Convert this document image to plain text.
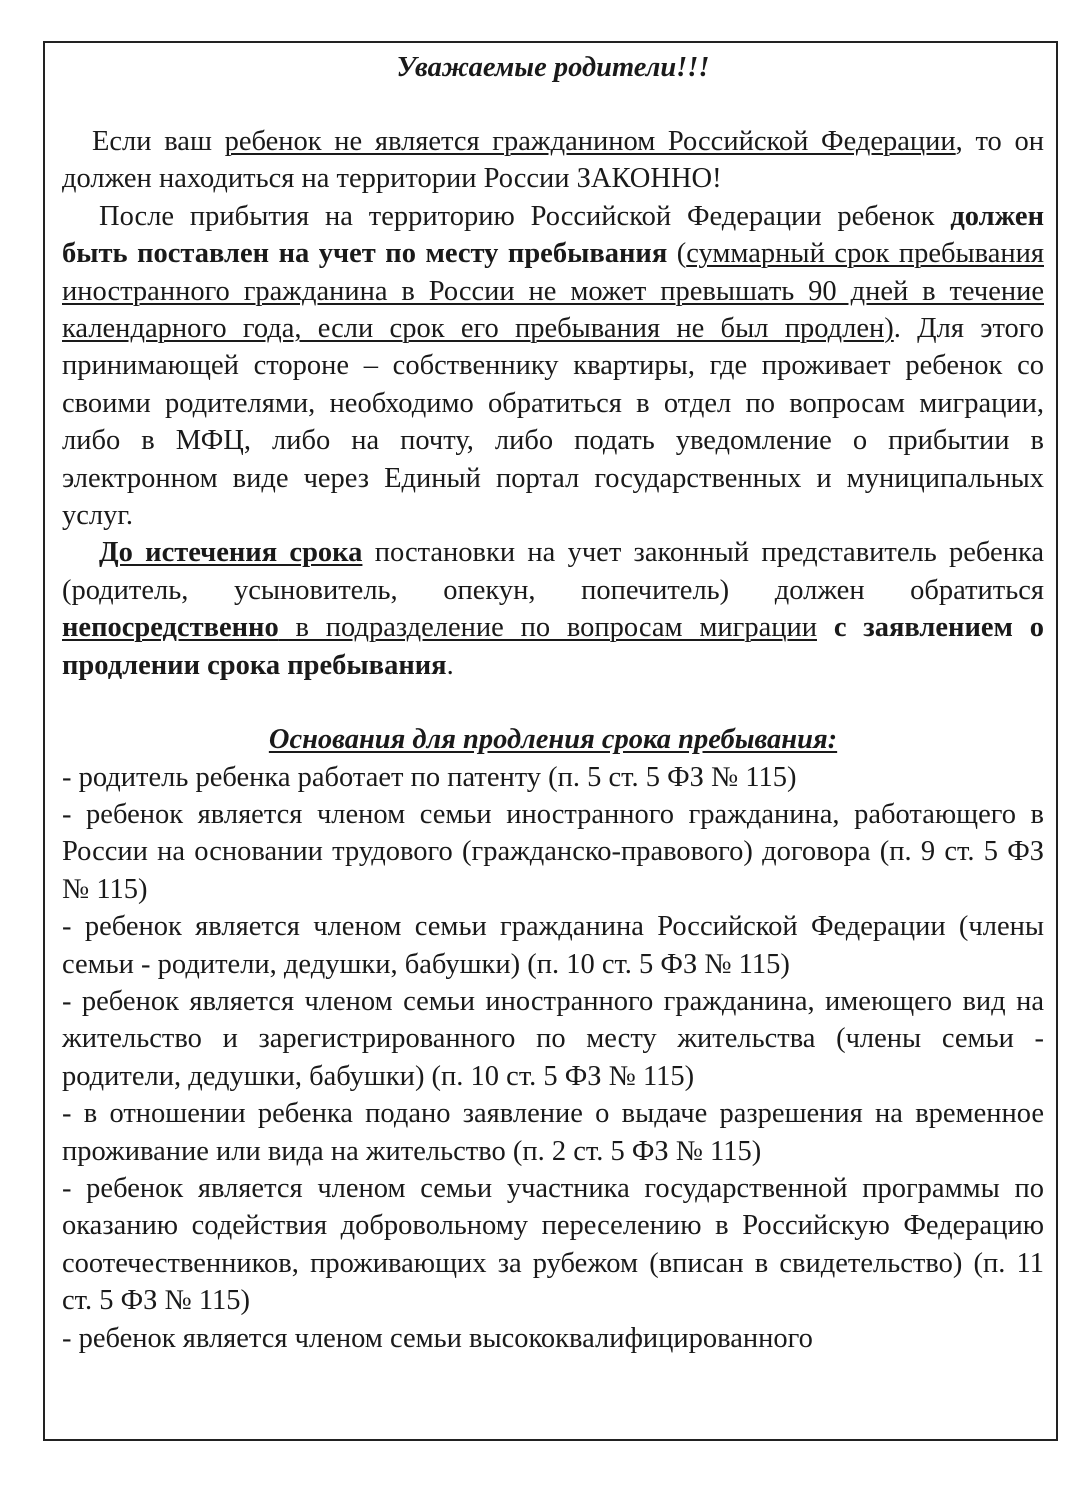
Уважаемые родители!!!

Если ваш ребенок не является гражданином Российской Федерации, то он должен находиться на территории России ЗАКОННО!

После прибытия на территорию Российской Федерации ребенок должен быть поставлен на учет по месту пребывания (суммарный срок пребывания иностранного гражданина в России не может превышать 90 дней в течение календарного года, если срок его пребывания не был продлен). Для этого принимающей стороне – собственнику квартиры, где проживает ребенок со своими родителями, необходимо обратиться в отдел по вопросам миграции, либо в МФЦ, либо на почту, либо подать уведомление о прибытии в электронном виде через Единый портал государственных и муниципальных услуг.

До истечения срока постановки на учет законный представитель ребенка (родитель, усыновитель, опекун, попечитель) должен обратиться непосредственно в подразделение по вопросам миграции с заявлением о продлении срока пребывания.

Основания для продления срока пребывания:

- родитель ребенка работает по патенту (п. 5 ст. 5 ФЗ № 115)

- ребенок является членом семьи иностранного гражданина, работающего в России на основании трудового (гражданско-правового) договора (п. 9 ст. 5 ФЗ № 115)

- ребенок является членом семьи гражданина Российской Федерации (члены семьи - родители, дедушки, бабушки) (п. 10 ст. 5 ФЗ № 115)

- ребенок является членом семьи иностранного гражданина, имеющего вид на жительство и зарегистрированного по месту жительства (члены семьи - родители, дедушки, бабушки) (п. 10 ст. 5 ФЗ № 115)

- в отношении ребенка подано заявление о выдаче разрешения на временное проживание или вида на жительство (п. 2 ст. 5 ФЗ № 115)

- ребенок является членом семьи участника государственной программы по оказанию содействия добровольному переселению в Российскую Федерацию соотечественников, проживающих за рубежом (вписан в свидетельство) (п. 11 ст. 5 ФЗ № 115)

- ребенок является членом семьи высококвалифицированного
